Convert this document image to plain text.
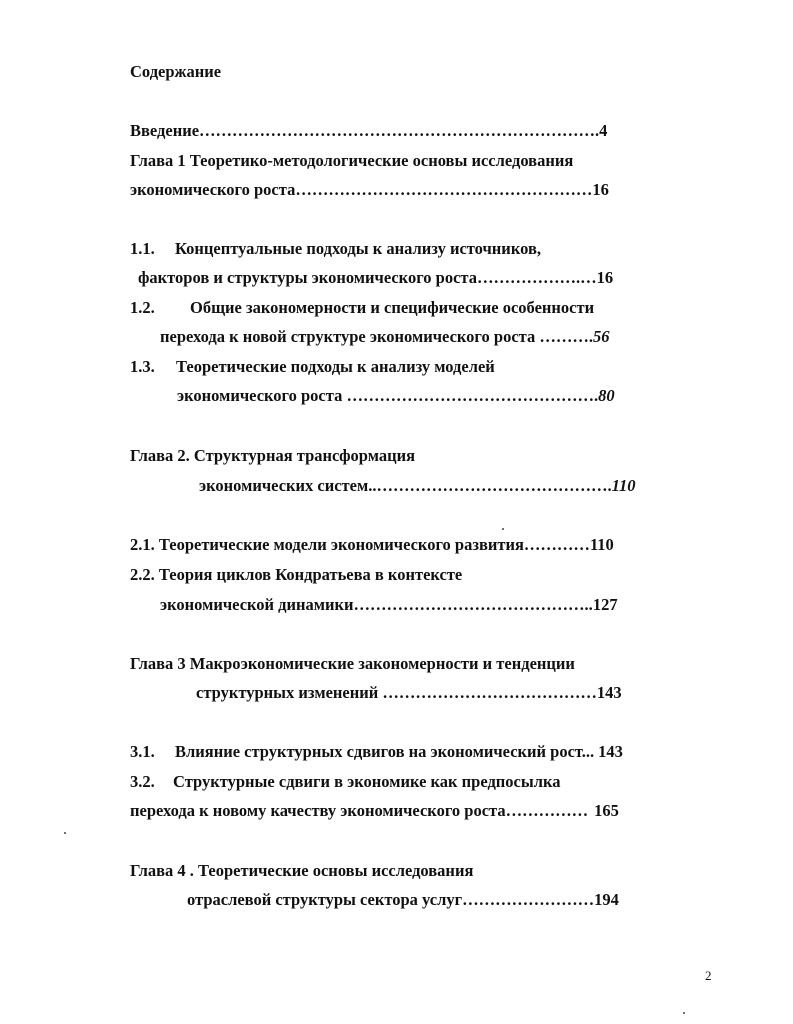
Содержание
Введение……………………………………………………………….4
Глава 1 Теоретико-методологические основы исследования
экономического роста………………………………………………16
1.1. Концептуальные подходы к анализу источников,
факторов и структуры экономического роста……………….…16
1.2. Общие закономерности и специфические особенности
перехода к новой структуре экономического роста ……….56
1.3. Теоретические подходы к анализу моделей
экономического роста ……………………………………….80
Глава 2. Структурная трансформация
экономических систем..…………………………………….110
2.1. Теоретические модели экономического развития…………110
2.2. Теория циклов Кондратьева в контексте
экономической динамики……………………………………..127
Глава 3 Макроэкономические закономерности и тенденции
структурных изменений …………………………………143
3.1. Влияние структурных сдвигов на экономический рост... 143
3.2. Структурные сдвиги в экономике как предпосылка
перехода к новому качеству экономического роста…………… 165
Глава 4 . Теоретические основы исследования
отраслевой структуры сектора услуг……………………194
2
